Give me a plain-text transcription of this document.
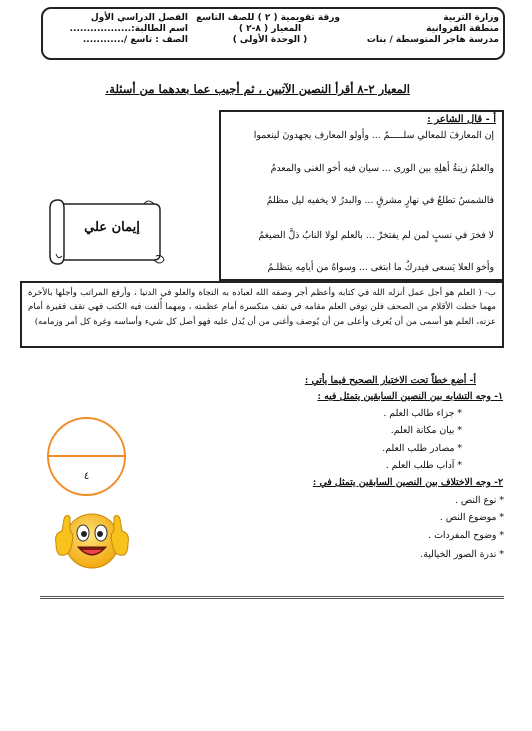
وزارة التربية
منطقة الفروانية
مدرسة هاجر المتوسطة / بنات
ورقة تقويمية ( ٢ ) للصف التاسع
المعيار ( ٨-٢ )
( الوحدة الأولى )
الفصل الدراسي الأول
اسم الطالبة:..................
الصف : تاسع /............
المعيار ٢-٨ أقرأ النصين الآتيين ، ثم أجيب عما بعدهما من أسئلة.
أ - قال الشاعر :
إن المعارفَ للمعالي سلـــــمٌ ... وأولو المعارف يجهدونَ لينعموا
والعلمُ زينةُ أهلِهِ بين الورى ... سيان فيه أخو الغنى والمعدمُ
فالشمسُ تطلعُ في نهارٍ مشرقٍ ... والبدرُ لا يخفيه ليل مظلمُ
لا فخرَ في نسبٍ لمن لم يفتخرْ ... بالعلم لولا النابُ ذلَّ الضيغمُ
وأخو العلا يَسعى فيدركُ ما ابتغى ... وسواهُ من أيامِه يتظلـمُ
إيمان علي
ب- ( العلم هو أجل عمل أنزله الله في كتابه وأعظم أجر وصفه الله لعباده به النجاة والعلو في الدنيا ، وأرفع المراتب وأجلها بالأخرة مهما خطت الأقلام من الصحف فلن توفي العلم مقامه في تقف منكسرة أمام عظمته ، ومهما أُلفت فيه الكتب فهي تقف فقيرة أمام عزته، العلم هو أسمى من أن يُعرف وأعلى من أن يُوصف وأغنى من أن يُدل عليه فهو أصل كل شيء وأساسه وغرة كل أمر وزمامه)
أ- أضع خطاً تحت الاختيار الصحيح فيما يأتي :
١- وجه التشابه بين النصين السابقين يتمثل فيه :
* جزاء طالب العلم .
* بيان مكانة العلم.
* مصادر طلب العلم.
* آداب طلب العلم .
٢- وجه الاختلاف بين النصين السابقين يتمثل في :
* نوع النص .
* موضوع النص .
* وضوح المفردات .
* ندرة الصور الخيالية.
٤
